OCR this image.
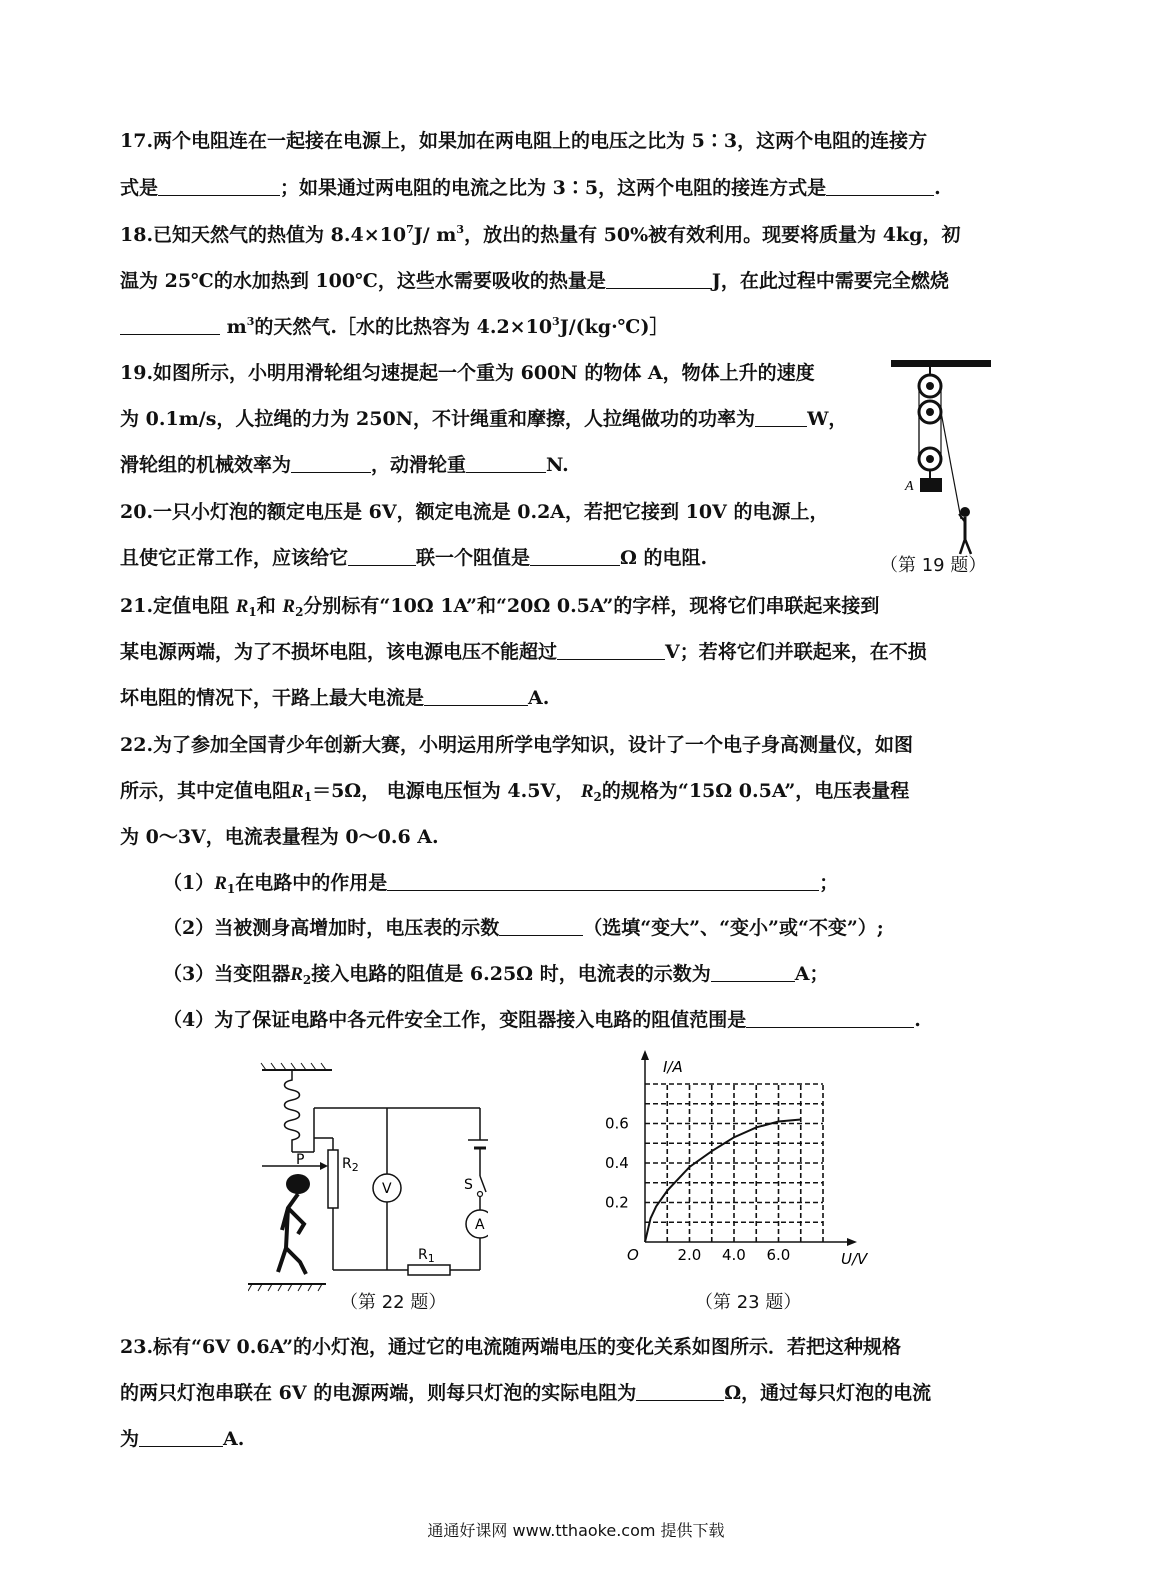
17.两个电阻连在一起接在电源上，如果加在两电阻上的电压之比为 5∶3，这两个电阻的连接方
式是	；如果通过两电阻的电流之比为 3∶5，这两个电阻的接连方式是	.
18.已知天然气的热值为 $8.4\times 10^7J/$ $m^3$，放出的热量有 50%被有效利用。现要将质量为 4kg，初
温为 25℃的水加热到 100℃，这些水需要吸收的热量是	J，在此过程中需要完全燃烧
$m^3$的天然气.［水的比热容为 $4.2\times 10^3J/(kg\cdot℃)]$
19.如图所示，小明用滑轮组匀速提起一个重为 600N 的物体 A，物体上升的速度
为 0.1m/s，人拉绳的力为 250N，不计绳重和摩擦，人拉绳做功的功率为	W，
滑轮组的机械效率为	，动滑轮重	N.
A
20.一只小灯泡的额定电压是 6V，额定电流是 0.2A，若把它接到 10V 的电源上，
且使它正常工作，应该给它	联一个阻值是	Ω 的电阻.	（第 19 题）
21.定值电阻 $R_1$和 $R_2$分别标有“10Ω 1A”和“20Ω 0.5A”的字样，现将它们串联起来接到
某电源两端，为了不损坏电阻，该电源电压不能超过	V；若将它们并联起来，在不损
坏电阻的情况下，干路上最大电流是	A.
22.为了参加全国青少年创新大赛，小明运用所学电学知识，设计了一个电子身高测量仪，如图
所示，其中定值电阻$R_1=5\Omega$， 电源电压恒为 4.5V， $R_2$的规格为“15Ω 0.5A”，电压表量程
为 0～3V，电流表量程为 0～0.6 A.
$(1)R_1$在电路中的作用是	；
（2）当被测身高增加时，电压表的示数	（选填“变大”、“变小”或“不变”）;
（3）当变阻器$R_2$接入电路的阻值是 6.25Ω 时，电流表的示数为	A；
（4）为了保证电路中各元件安全工作，变阻器接入电路的阻值范围是	.
P	$R_2$
$R_1$
V	S
A
（第 22 题）
O
I/A
U/V
2.0 4.0 6.0
0.2
0.4
0.6
（第 23 题）
23.标有“6V 0.6A”的小灯泡，通过它的电流随两端电压的变化关系如图所示．若把这种规格
的两只灯泡串联在 6V 的电源两端，则每只灯泡的实际电阻为	Ω，通过每只灯泡的电流
为	A.
通通好课网 www.tthaoke.com 提供下载
